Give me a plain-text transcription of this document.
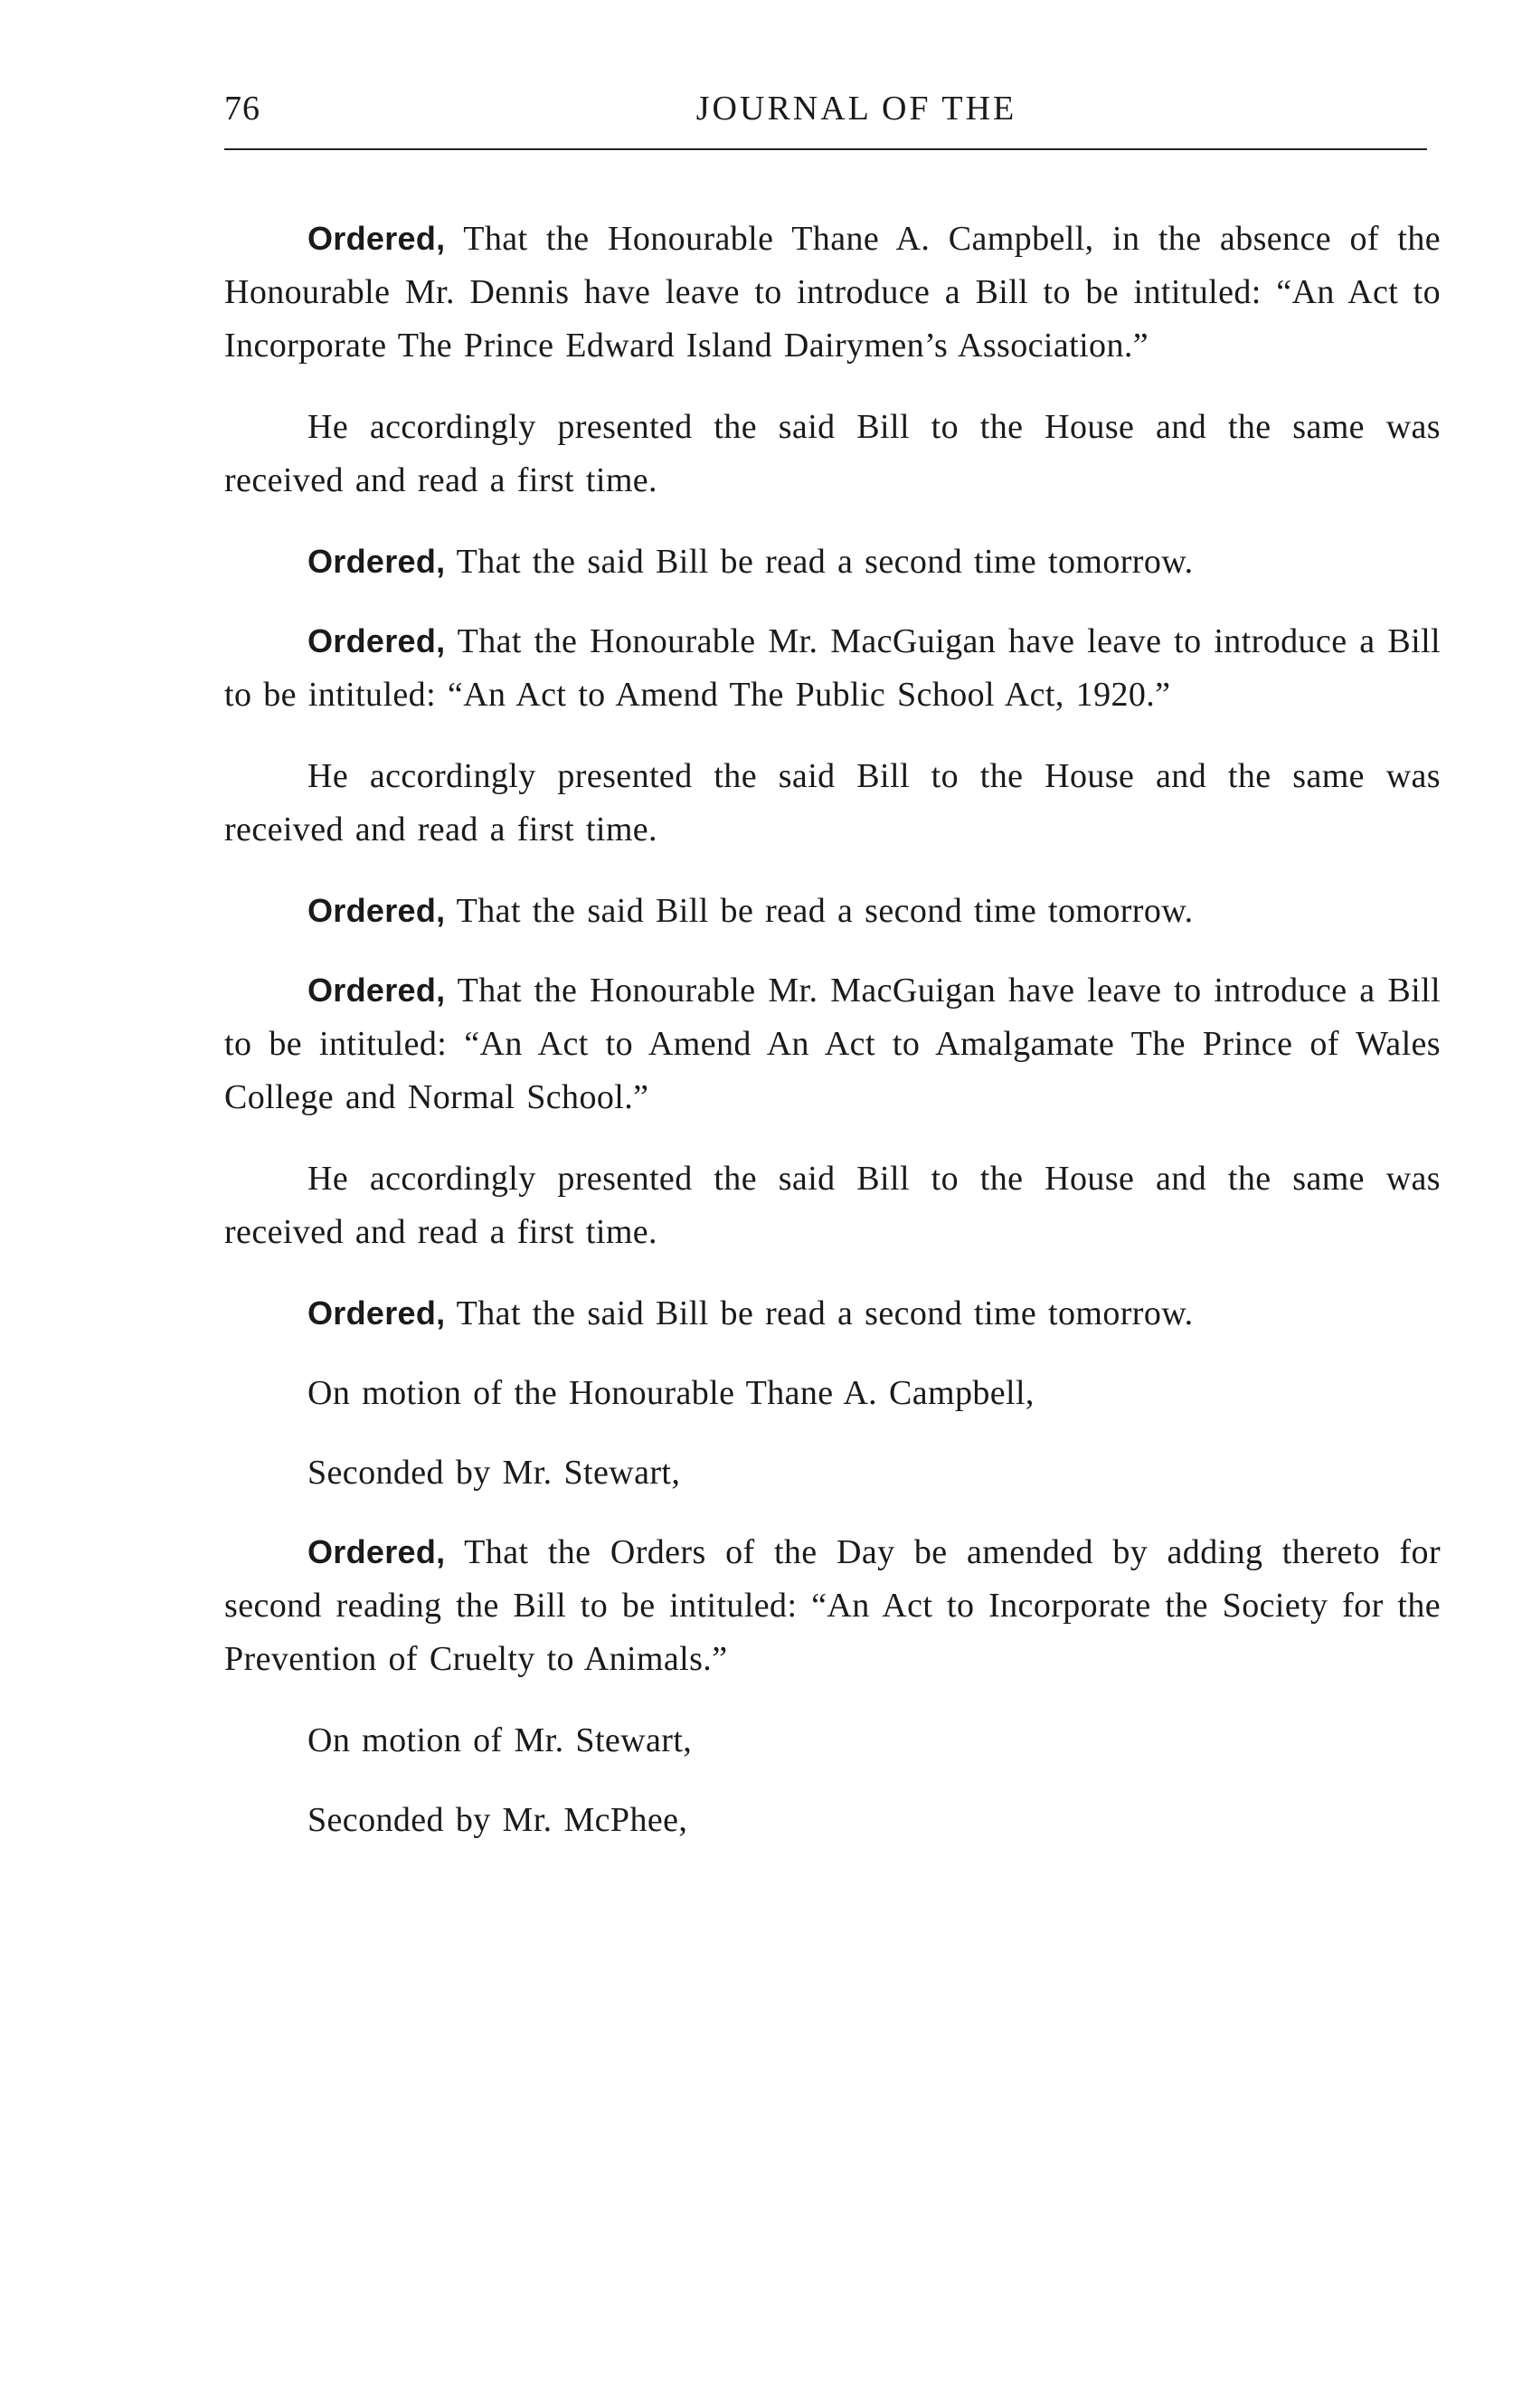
76	JOURNAL OF THE

Ordered, That the Honourable Thane A. Campbell, in the absence of the Honourable Mr. Dennis have leave to introduce a Bill to be intituled: “An Act to Incorporate The Prince Edward Island Dairymen’s Association.”

He accordingly presented the said Bill to the House and the same was received and read a first time.

Ordered, That the said Bill be read a second time tomorrow.

Ordered, That the Honourable Mr. MacGuigan have leave to introduce a Bill to be intituled: “An Act to Amend The Public School Act, 1920.”

He accordingly presented the said Bill to the House and the same was received and read a first time.

Ordered, That the said Bill be read a second time tomorrow.

Ordered, That the Honourable Mr. MacGuigan have leave to introduce a Bill to be intituled: “An Act to Amend An Act to Amalgamate The Prince of Wales College and Normal School.”

He accordingly presented the said Bill to the House and the same was received and read a first time.

Ordered, That the said Bill be read a second time tomorrow.

On motion of the Honourable Thane A. Campbell,

Seconded by Mr. Stewart,

Ordered, That the Orders of the Day be amended by adding thereto for second reading the Bill to be intituled: “An Act to Incorporate the Society for the Prevention of Cruelty to Animals.”

On motion of Mr. Stewart,

Seconded by Mr. McPhee,
